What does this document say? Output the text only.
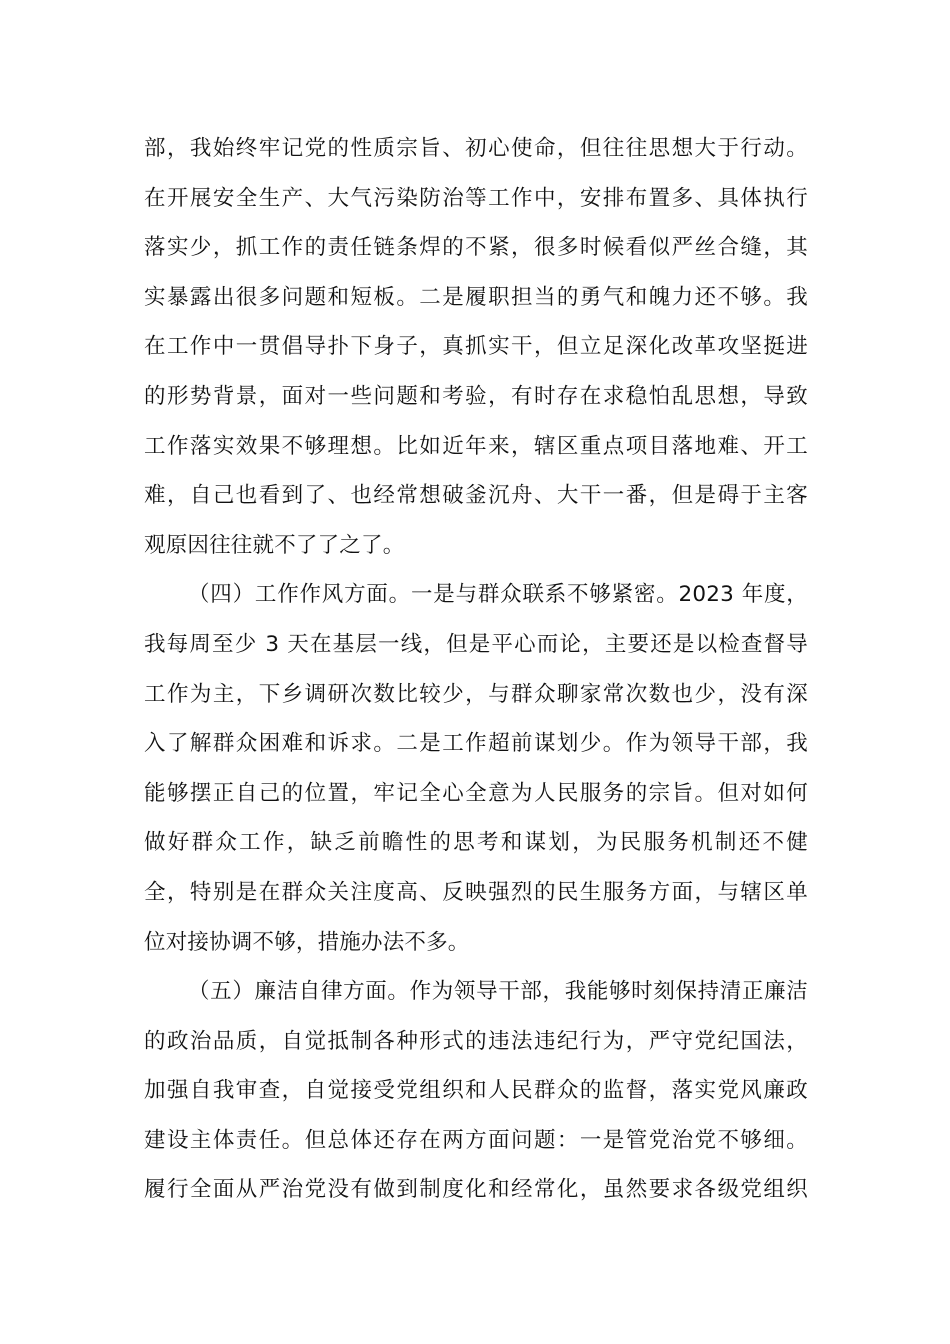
部，我始终牢记党的性质宗旨、初心使命，但往往思想大于行动。
在开展安全生产、大气污染防治等工作中，安排布置多、具体执行
落实少，抓工作的责任链条焊的不紧，很多时候看似严丝合缝，其
实暴露出很多问题和短板。二是履职担当的勇气和魄力还不够。我
在工作中一贯倡导扑下身子，真抓实干，但立足深化改革攻坚挺进
的形势背景，面对一些问题和考验，有时存在求稳怕乱思想，导致
工作落实效果不够理想。比如近年来，辖区重点项目落地难、开工
难，自己也看到了、也经常想破釜沉舟、大干一番，但是碍于主客
观原因往往就不了了之了。
（四）工作作风方面。一是与群众联系不够紧密。2023 年度，
我每周至少 3 天在基层一线，但是平心而论，主要还是以检查督导
工作为主，下乡调研次数比较少，与群众聊家常次数也少，没有深
入了解群众困难和诉求。二是工作超前谋划少。作为领导干部，我
能够摆正自己的位置，牢记全心全意为人民服务的宗旨。但对如何
做好群众工作，缺乏前瞻性的思考和谋划，为民服务机制还不健
全，特别是在群众关注度高、反映强烈的民生服务方面，与辖区单
位对接协调不够，措施办法不多。
（五）廉洁自律方面。作为领导干部，我能够时刻保持清正廉洁
的政治品质，自觉抵制各种形式的违法违纪行为，严守党纪国法，
加强自我审查，自觉接受党组织和人民群众的监督，落实党风廉政
建设主体责任。但总体还存在两方面问题：一是管党治党不够细。
履行全面从严治党没有做到制度化和经常化，虽然要求各级党组织
